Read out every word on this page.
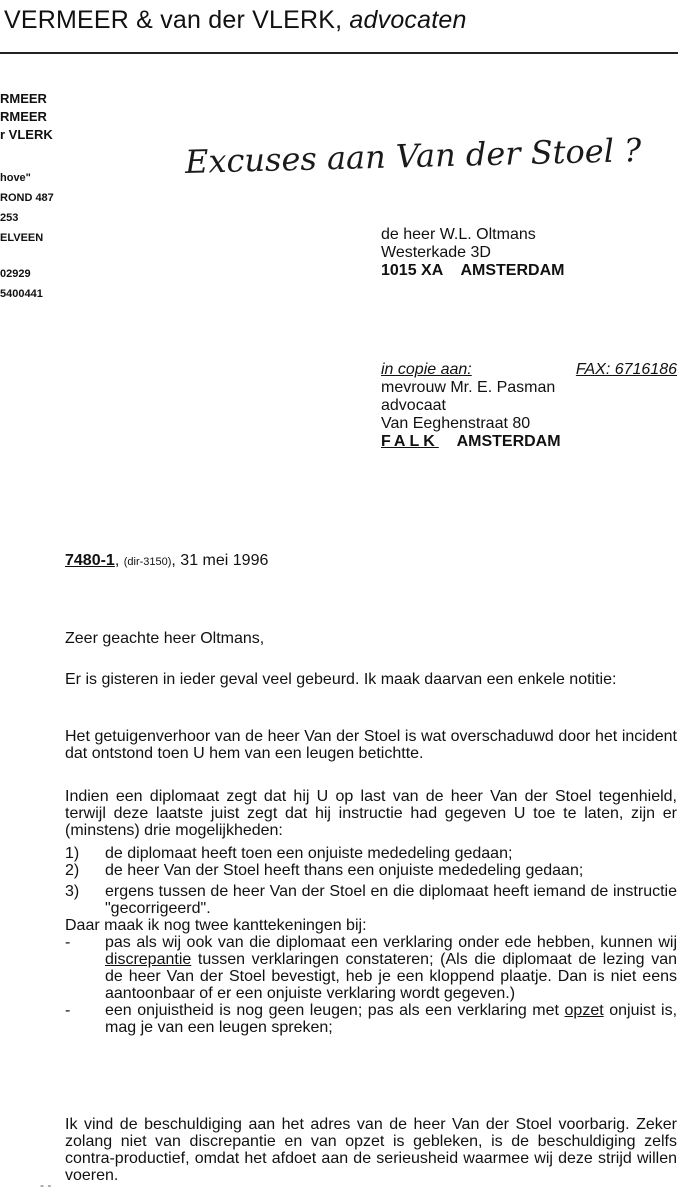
VERMEER & van der VLERK, advocaten
RMEER
RMEER
r VLERK
hove"
ROND 487
253
ELVEEN
02929
5400441
Excuses aan Van der Stoel ?
de heer W.L. Oltmans
Westerkade 3D
1015 XA AMSTERDAM
in copie aan:	FAX: 6716186
mevrouw Mr. E. Pasman
advocaat
Van Eeghenstraat 80
FALK AMSTERDAM
7480-1, (dir-3150), 31 mei 1996
Zeer geachte heer Oltmans,
Er is gisteren in ieder geval veel gebeurd. Ik maak daarvan een enkele notitie:
Het getuigenverhoor van de heer Van der Stoel is wat overschaduwd door het incident dat ontstond toen U hem van een leugen betichtte.
Indien een diplomaat zegt dat hij U op last van de heer Van der Stoel tegenhield, terwijl deze laatste juist zegt dat hij instructie had gegeven U toe te laten, zijn er (minstens) drie mogelijkheden:
1)	de diplomaat heeft toen een onjuiste mededeling gedaan;
2)	de heer Van der Stoel heeft thans een onjuiste mededeling gedaan;
3)	ergens tussen de heer Van der Stoel en die diplomaat heeft iemand de instructie "gecorrigeerd".
Daar maak ik nog twee kanttekeningen bij:
-	pas als wij ook van die diplomaat een verklaring onder ede hebben, kunnen wij discrepantie tussen verklaringen constateren; (Als die diplomaat de lezing van de heer Van der Stoel bevestigt, heb je een kloppend plaatje. Dan is niet eens aantoonbaar of er een onjuiste verklaring wordt gegeven.)
-	een onjuistheid is nog geen leugen; pas als een verklaring met opzet onjuist is, mag je van een leugen spreken;
Ik vind de beschuldiging aan het adres van de heer Van der Stoel voorbarig. Zeker zolang niet van discrepantie en van opzet is gebleken, is de beschuldiging zelfs contra-productief, omdat het afdoet aan de serieusheid waarmee wij deze strijd willen voeren.
- -
